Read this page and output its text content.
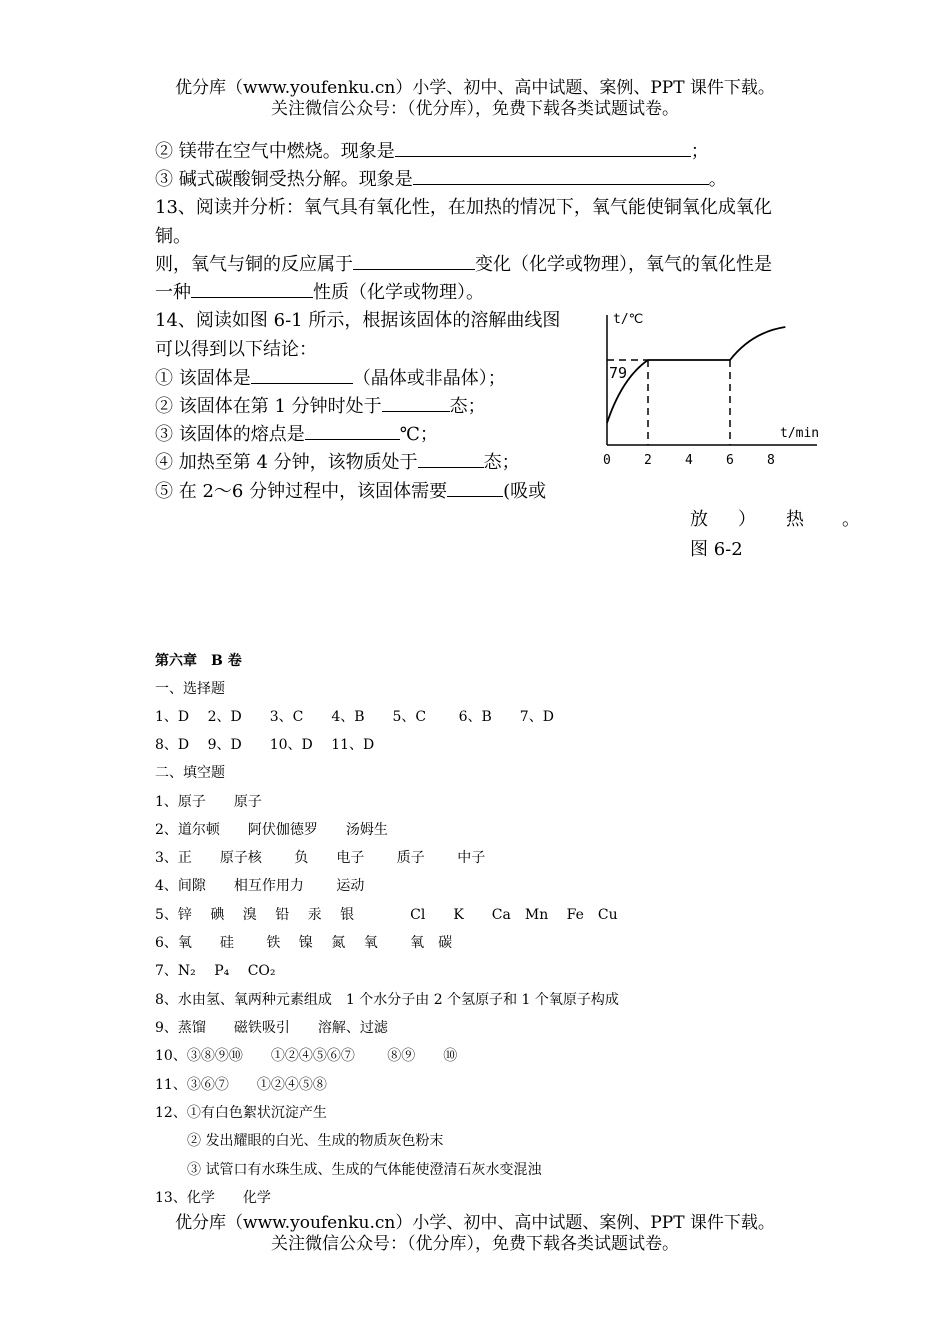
优分库（www.youfenku.cn）小学、初中、高中试题、案例、PPT 课件下载。
关注微信公众号：（优分库），免费下载各类试题试卷。
② 镁带在空气中燃烧。现象是	；
③ 碱式碳酸铜受热分解。现象是	。
13、阅读并分析：氧气具有氧化性，在加热的情况下，氧气能使铜氧化成氧化
铜。
则，氧气与铜的反应属于	变化（化学或物理），氧气的氧化性是
一种	性质（化学或物理）。
14、阅读如图 6-1 所示，根据该固体的溶解曲线图
可以得到以下结论：
① 该固体是	（晶体或非晶体）；
② 该固体在第 1 分钟时处于	态；
③ 该固体的熔点是	℃；
④ 加热至第 4 分钟，该物质处于	态；
⑤ 在 2～6 分钟过程中，该固体需要	(吸或
放 ） 热 。
图 6-2
t/℃
t/min
79
0	2	4	6	8
第六章　B 卷
一、选择题
1、D　 2、D　　3、C　　4、B　　5、C　　 6、B　　7、D
8、D　 9、D　　10、D　 11、D
二、填空题
1、原子　　原子
2、道尔顿　　阿伏伽德罗　　汤姆生
3、正　　原子核　　 负　　电子　　 质子　　 中子
4、间隙　　相互作用力　　 运动
5、锌　 碘　 溴　 铅　 汞　 银　　　　Cl　　K　　Ca　Mn　 Fe　Cu
6、氧　　硅　　 铁　 镍　 氮　 氧　　 氧　碳
7、N₂　 P₄　 CO₂
8、水由氢、氧两种元素组成　1 个水分子由 2 个氢原子和 1 个氧原子构成
9、蒸馏　　磁铁吸引　　溶解、过滤
10、③⑧⑨⑩　　①②④⑤⑥⑦　　 ⑧⑨　　⑩
11、③⑥⑦　　①②④⑤⑧
12、①有白色絮状沉淀产生
② 发出耀眼的白光、生成的物质灰色粉末
③ 试管口有水珠生成、生成的气体能使澄清石灰水变混浊
13、化学　　化学
优分库（www.youfenku.cn）小学、初中、高中试题、案例、PPT 课件下载。
关注微信公众号：（优分库），免费下载各类试题试卷。
